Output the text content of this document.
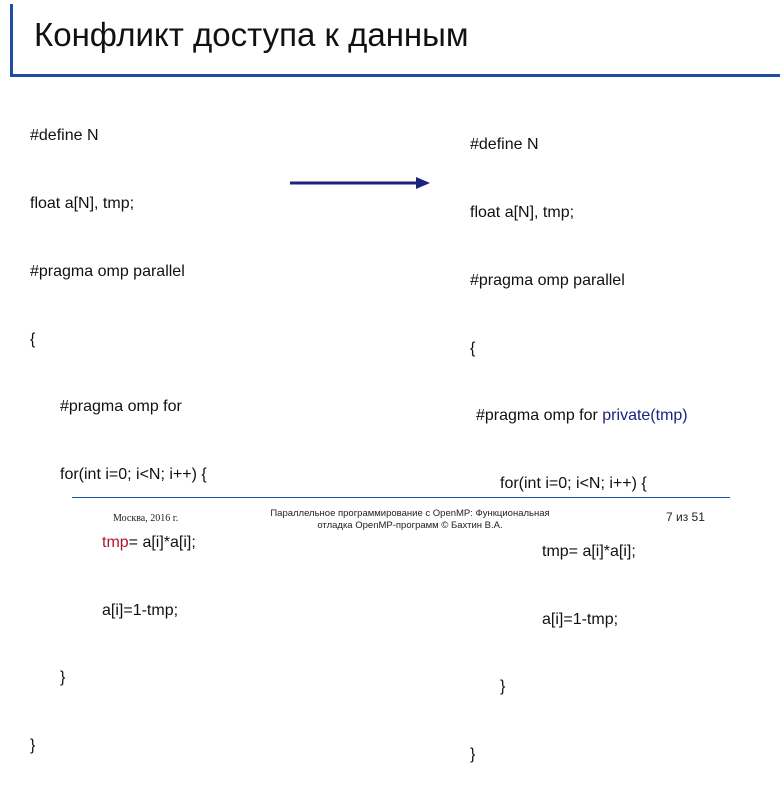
Конфликт доступа к данным

#define N

float a[N], tmp;

#pragma omp parallel

{

#pragma omp for

for(int i=0; i<N; i++) {

tmp= a[i]*a[i];

a[i]=1-tmp;

}

}

#define N

float a[N], tmp;

#pragma omp parallel

{

#pragma omp for private(tmp)

for(int i=0; i<N; i++) {

tmp= a[i]*a[i];

a[i]=1-tmp;

}

}

Москва, 2016 г.	Параллельное программирование с OpenMP: Функциональная
отладка OpenMP-программ © Бахтин В.А.
7 из 51
